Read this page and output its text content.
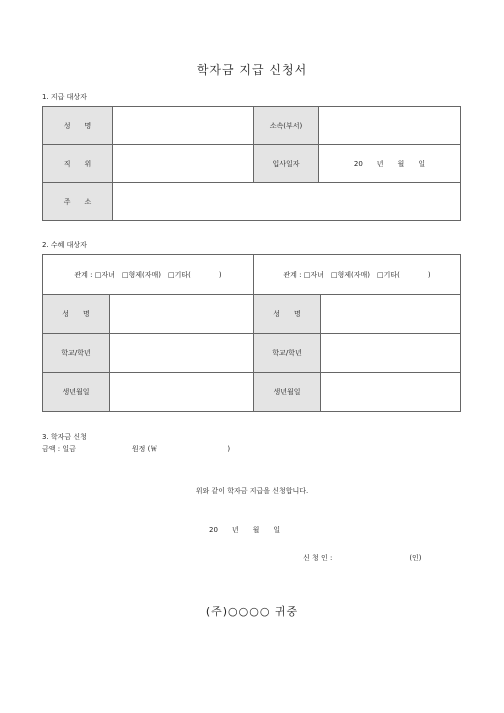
학자금 지급 신청서
1. 지급 대상자
성　　명		소속(부서)	
직　　위		입사일자	20　　년　　월　　일
주　　소			
2. 수혜 대상자
관계 : □자녀　□형제(자매)　□기타(　　　　)		관계 : □자녀　□형제(자매)　□기타(　　　　)	
성　　명		성　　명	
학교/학년		학교/학년	
생년월일		생년월일	
3. 학자금 신청
금액 : 일금　　　　　　　　원정 (￦　　　　　　　　　　)
위와 같이 학자금 지급을 신청합니다.
20　　년　　월　　일
신 청 인 :　　　　　　　　　　　(인)
(주)○○○○ 귀중
